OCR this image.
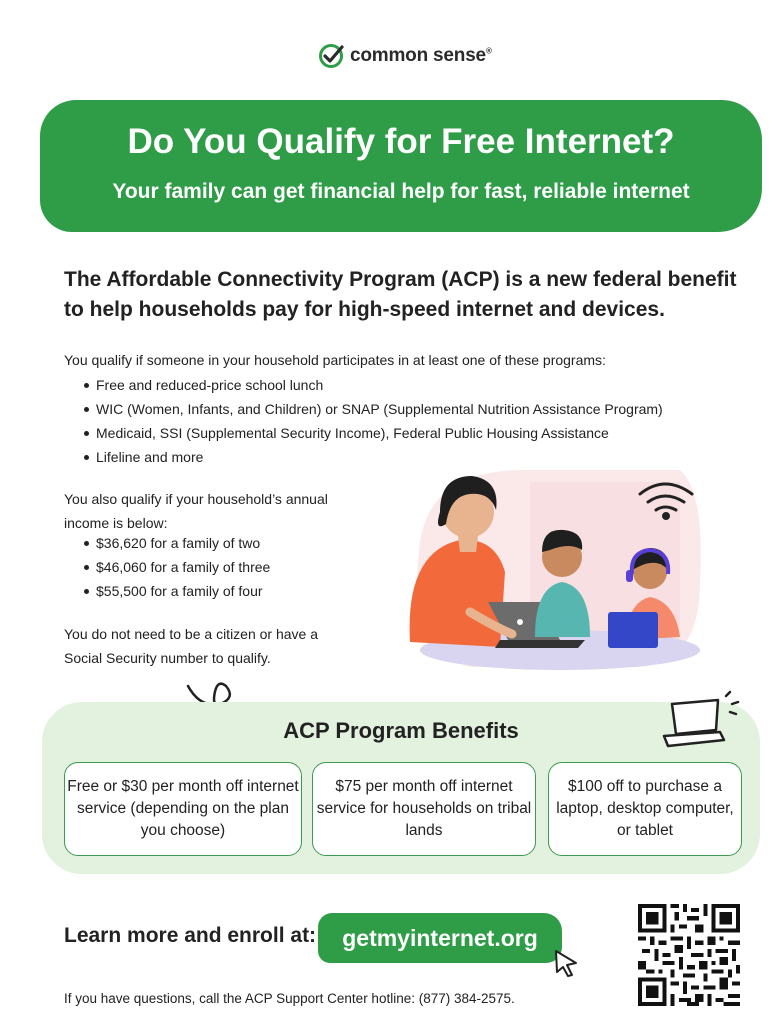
common sense®
Do You Qualify for Free Internet?
Your family can get financial help for fast, reliable internet
The Affordable Connectivity Program (ACP) is a new federal benefit to help households pay for high-speed internet and devices.
You qualify if someone in your household participates in at least one of these programs:
Free and reduced-price school lunch
WIC (Women, Infants, and Children) or SNAP (Supplemental Nutrition Assistance Program)
Medicaid, SSI (Supplemental Security Income), Federal Public Housing Assistance
Lifeline and more
You also qualify if your household’s annual income is below:
$36,620 for a family of two
$46,060 for a family of three
$55,500 for a family of four
You do not need to be a citizen or have a Social Security number to qualify.
ACP Program Benefits
Free or $30 per month off internet service (depending on the plan you choose)
$75 per month off internet service for households on tribal lands
$100 off to purchase a laptop, desktop computer, or tablet
Learn more and enroll at:	getmyinternet.org
If you have questions, call the ACP Support Center hotline: (877) 384-2575.
